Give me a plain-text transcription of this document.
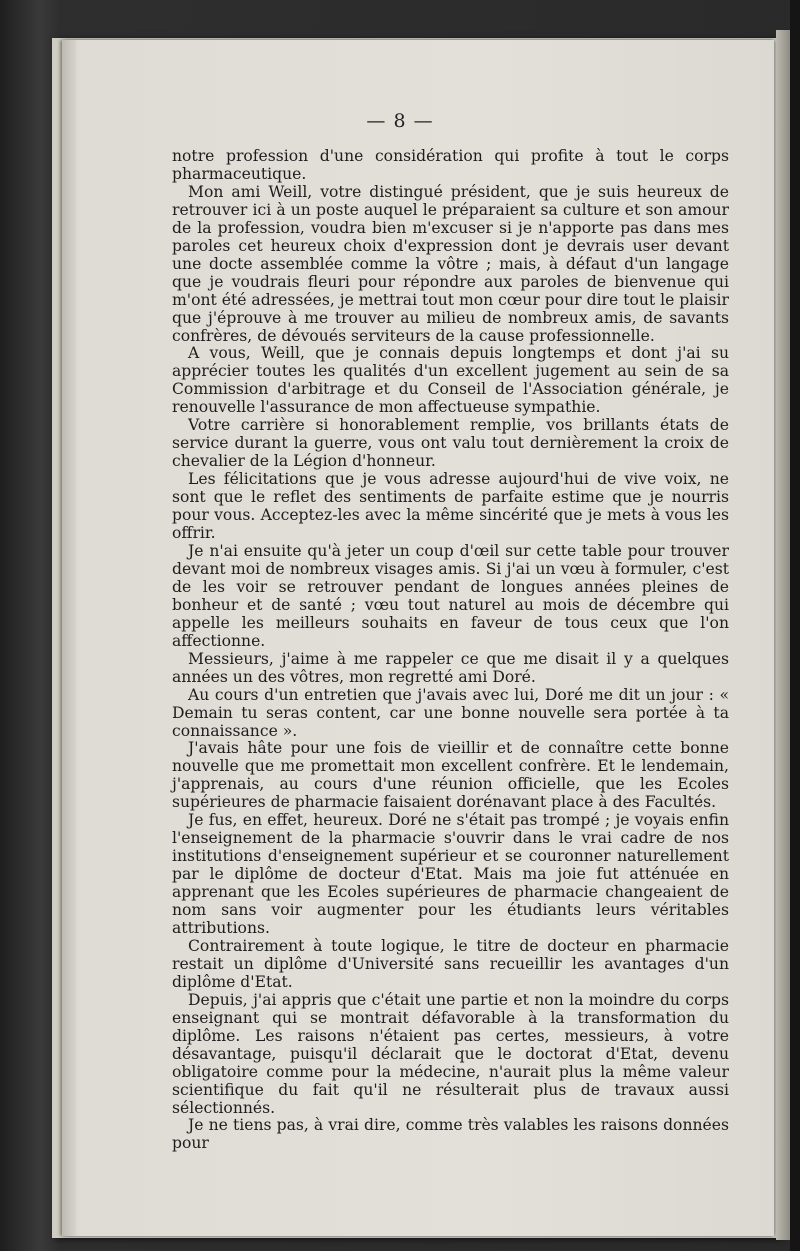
— 8 —

notre profession d'une considération qui profite à tout le corps pharmaceutique.

Mon ami Weill, votre distingué président, que je suis heureux de retrouver ici à un poste auquel le préparaient sa culture et son amour de la profession, voudra bien m'excuser si je n'apporte pas dans mes paroles cet heureux choix d'expression dont je devrais user devant une docte assemblée comme la vôtre ; mais, à défaut d'un langage que je voudrais fleuri pour répondre aux paroles de bienvenue qui m'ont été adressées, je mettrai tout mon cœur pour dire tout le plaisir que j'éprouve à me trouver au milieu de nombreux amis, de savants confrères, de dévoués serviteurs de la cause professionnelle.

A vous, Weill, que je connais depuis longtemps et dont j'ai su apprécier toutes les qualités d'un excellent jugement au sein de sa Commission d'arbitrage et du Conseil de l'Association générale, je renouvelle l'assurance de mon affectueuse sympathie.

Votre carrière si honorablement remplie, vos brillants états de service durant la guerre, vous ont valu tout dernièrement la croix de chevalier de la Légion d'honneur.

Les félicitations que je vous adresse aujourd'hui de vive voix, ne sont que le reflet des sentiments de parfaite estime que je nourris pour vous. Acceptez-les avec la même sincérité que je mets à vous les offrir.

Je n'ai ensuite qu'à jeter un coup d'œil sur cette table pour trouver devant moi de nombreux visages amis. Si j'ai un vœu à formuler, c'est de les voir se retrouver pendant de longues années pleines de bonheur et de santé ; vœu tout naturel au mois de décembre qui appelle les meilleurs souhaits en faveur de tous ceux que l'on affectionne.

Messieurs, j'aime à me rappeler ce que me disait il y a quelques années un des vôtres, mon regretté ami Doré.

Au cours d'un entretien que j'avais avec lui, Doré me dit un jour : « Demain tu seras content, car une bonne nouvelle sera portée à ta connaissance ».

J'avais hâte pour une fois de vieillir et de connaître cette bonne nouvelle que me promettait mon excellent confrère. Et le lendemain, j'apprenais, au cours d'une réunion officielle, que les Ecoles supérieures de pharmacie faisaient dorénavant place à des Facultés.

Je fus, en effet, heureux. Doré ne s'était pas trompé ; je voyais enfin l'enseignement de la pharmacie s'ouvrir dans le vrai cadre de nos institutions d'enseignement supérieur et se couronner naturellement par le diplôme de docteur d'Etat. Mais ma joie fut atténuée en apprenant que les Ecoles supérieures de pharmacie changeaient de nom sans voir augmenter pour les étudiants leurs véritables attributions.

Contrairement à toute logique, le titre de docteur en pharmacie restait un diplôme d'Université sans recueillir les avantages d'un diplôme d'Etat.

Depuis, j'ai appris que c'était une partie et non la moindre du corps enseignant qui se montrait défavorable à la transformation du diplôme. Les raisons n'étaient pas certes, messieurs, à votre désavantage, puisqu'il déclarait que le doctorat d'Etat, devenu obligatoire comme pour la médecine, n'aurait plus la même valeur scientifique du fait qu'il ne résulterait plus de travaux aussi sélectionnés.

Je ne tiens pas, à vrai dire, comme très valables les raisons données pour
